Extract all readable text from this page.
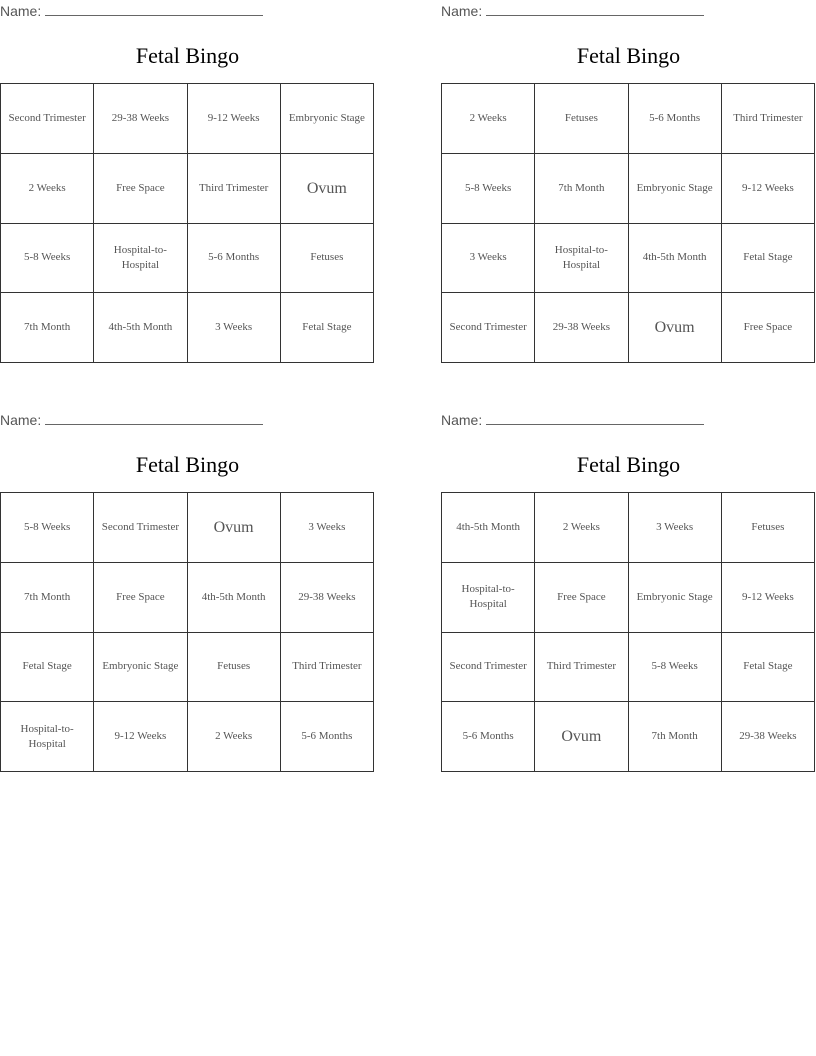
Name:
Fetal Bingo
Second Trimester	29-38 Weeks	9-12 Weeks	Embryonic Stage
2 Weeks	Free Space	Third Trimester	Ovum
5-8 Weeks	Hospital-to-Hospital	5-6 Months	Fetuses
7th Month	4th-5th Month	3 Weeks	Fetal Stage
Name:
Fetal Bingo
2 Weeks	Fetuses	5-6 Months	Third Trimester
5-8 Weeks	7th Month	Embryonic Stage	9-12 Weeks
3 Weeks	Hospital-to-Hospital	4th-5th Month	Fetal Stage
Second Trimester	29-38 Weeks	Ovum	Free Space
Name:
Fetal Bingo
5-8 Weeks	Second Trimester	Ovum	3 Weeks
7th Month	Free Space	4th-5th Month	29-38 Weeks
Fetal Stage	Embryonic Stage	Fetuses	Third Trimester
Hospital-to-Hospital	9-12 Weeks	2 Weeks	5-6 Months
Name:
Fetal Bingo
4th-5th Month	2 Weeks	3 Weeks	Fetuses
Hospital-to-Hospital	Free Space	Embryonic Stage	9-12 Weeks
Second Trimester	Third Trimester	5-8 Weeks	Fetal Stage
5-6 Months	Ovum	7th Month	29-38 Weeks
